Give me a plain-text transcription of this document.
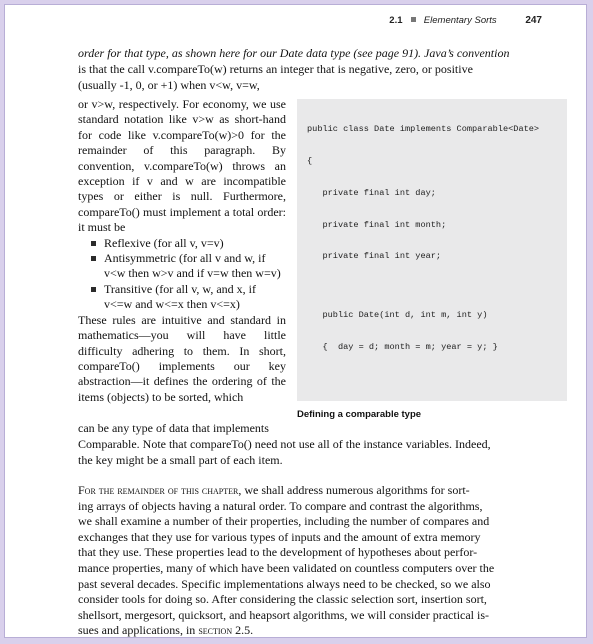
2.1 Elementary Sorts	247

order for that type, as shown here for our Date data type (see page 91). Java’s convention

is that the call v.compareTo(w) returns an integer that is negative, zero, or positive

(usually -1, 0, or +1) when v<w, v=w,

or v>w, respectively. For economy, we use standard notation like v>w as short-hand for code like v.compareTo(w)>0 for the remainder of this paragraph. By convention, v.compareTo(w) throws an exception if v and w are incompatible types or either is null. Furthermore, compareTo() must implement a total order: it must be

Reflexive (for all v, v=v)
Antisymmetric (for all v and w, if v<w then w>v and if v=w then w=v)
Transitive (for all v, w, and x, if v<=w and w<=x then v<=x)

These rules are intuitive and standard in mathematics—you will have little difficulty adhering to them. In short, compareTo() implements our key abstraction—it defines the ordering of the items (objects) to be sorted, which

public class Date implements Comparable<Date>

{

private final int day;

private final int month;

private final int year;

public Date(int d, int m, int y)

{  day = d; month = m; year = y; }

Defining a comparable type

can be any type of data that implements

Comparable. Note that compareTo() need not use all of the instance variables. Indeed,

the key might be a small part of each item.

For the remainder of this chapter, we shall address numerous algorithms for sort-
ing arrays of objects having a natural order. To compare and contrast the algorithms,
we shall examine a number of their properties, including the number of compares and
exchanges that they use for various types of inputs and the amount of extra memory
that they use. These properties lead to the development of hypotheses about perfor-
mance properties, many of which have been validated on countless computers over the
past several decades. Specific implementations always need to be checked, so we also
consider tools for doing so. After considering the classic selection sort, insertion sort,
shellsort, mergesort, quicksort, and heapsort algorithms, we will consider practical is-
sues and applications, in section 2.5.
